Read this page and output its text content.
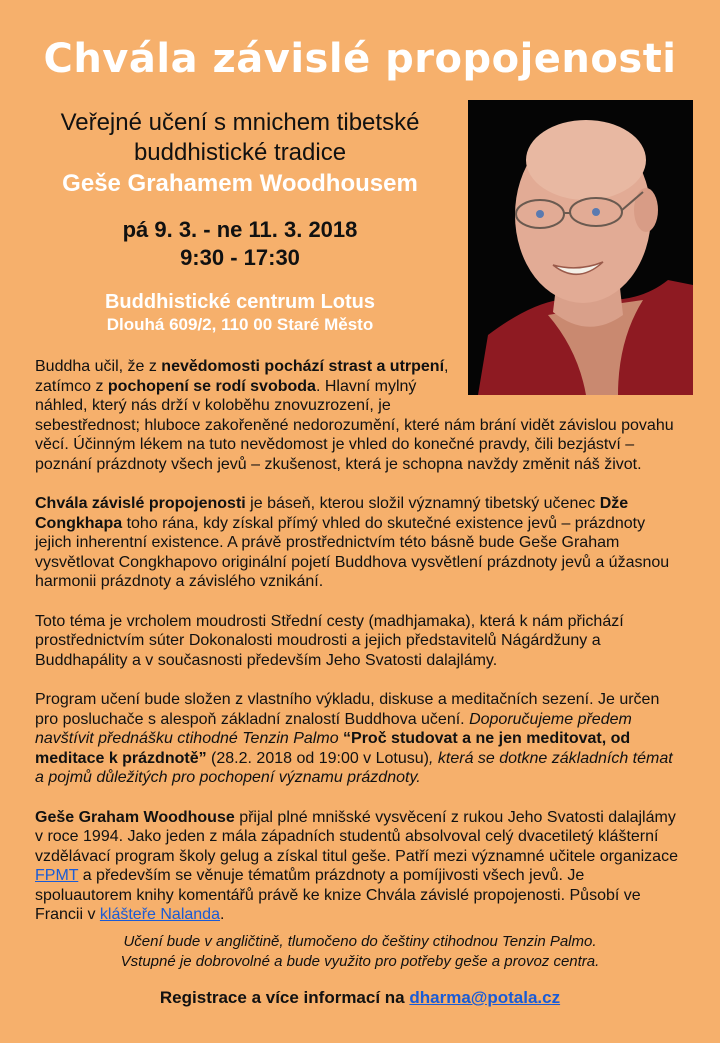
Chvála závislé propojenosti
Veřejné učení s mnichem tibetské
buddhistické tradice
Geše Grahamem Woodhousem
pá 9. 3. - ne 11. 3. 2018
9:30 - 17:30
Buddhistické centrum Lotus
Dlouhá 609/2, 110 00 Staré Město

Buddha učil, že z nevědomosti pochází strast a utrpení, zatímco z pochopení se rodí svoboda. Hlavní mylný náhled, který nás drží v koloběhu znovuzrození, je
sebestřednost; hluboce zakořeněné nedorozumění, které nám brání vidět závislou povahu věcí. Účinným lékem na tuto nevědomost je vhled do konečné pravdy, čili bezjáství – poznání prázdnoty všech jevů – zkušenost, která je schopna navždy změnit náš život.

Chvála závislé propojenosti je báseň, kterou složil významný tibetský učenec Dže Congkhapa toho rána, kdy získal přímý vhled do skutečné existence jevů – prázdnoty jejich inherentní existence. A právě prostřednictvím této básně bude Geše Graham vysvětlovat Congkhapovo originální pojetí Buddhova vysvětlení prázdnoty jevů a úžasnou harmonii prázdnoty a závislého vznikání.

Toto téma je vrcholem moudrosti Střední cesty (madhjamaka), která k nám přichází prostřednictvím súter Dokonalosti moudrosti a jejich představitelů Nágárdžuny a Buddhapálity a v současnosti především Jeho Svatosti dalajlámy.

Program učení bude složen z vlastního výkladu, diskuse a meditačních sezení. Je určen pro posluchače s alespoň základní znalostí Buddhova učení. Doporučujeme předem navštívit přednášku ctihodné Tenzin Palmo “Proč studovat a ne jen meditovat, od meditace k prázdnotě” (28.2. 2018 od 19:00 v Lotusu), která se dotkne základních témat a pojmů důležitých pro pochopení významu prázdnoty.

Geše Graham Woodhouse přijal plné mnišské vysvěcení z rukou Jeho Svatosti dalajlámy v roce 1994. Jako jeden z mála západních studentů absolvoval celý dvacetiletý klášterní vzdělávací program školy gelug a získal titul geše. Patří mezi významné učitele organizace FPMT a především se věnuje tématům prázdnoty a pomíjivosti všech jevů. Je spoluautorem knihy komentářů právě ke knize Chvála závislé propojenosti. Působí ve Francii v klášteře Nalanda.

Učení bude v angličtině, tlumočeno do češtiny ctihodnou Tenzin Palmo.
Vstupné je dobrovolné a bude využito pro potřeby geše a provoz centra.
Registrace a více informací na dharma@potala.cz
